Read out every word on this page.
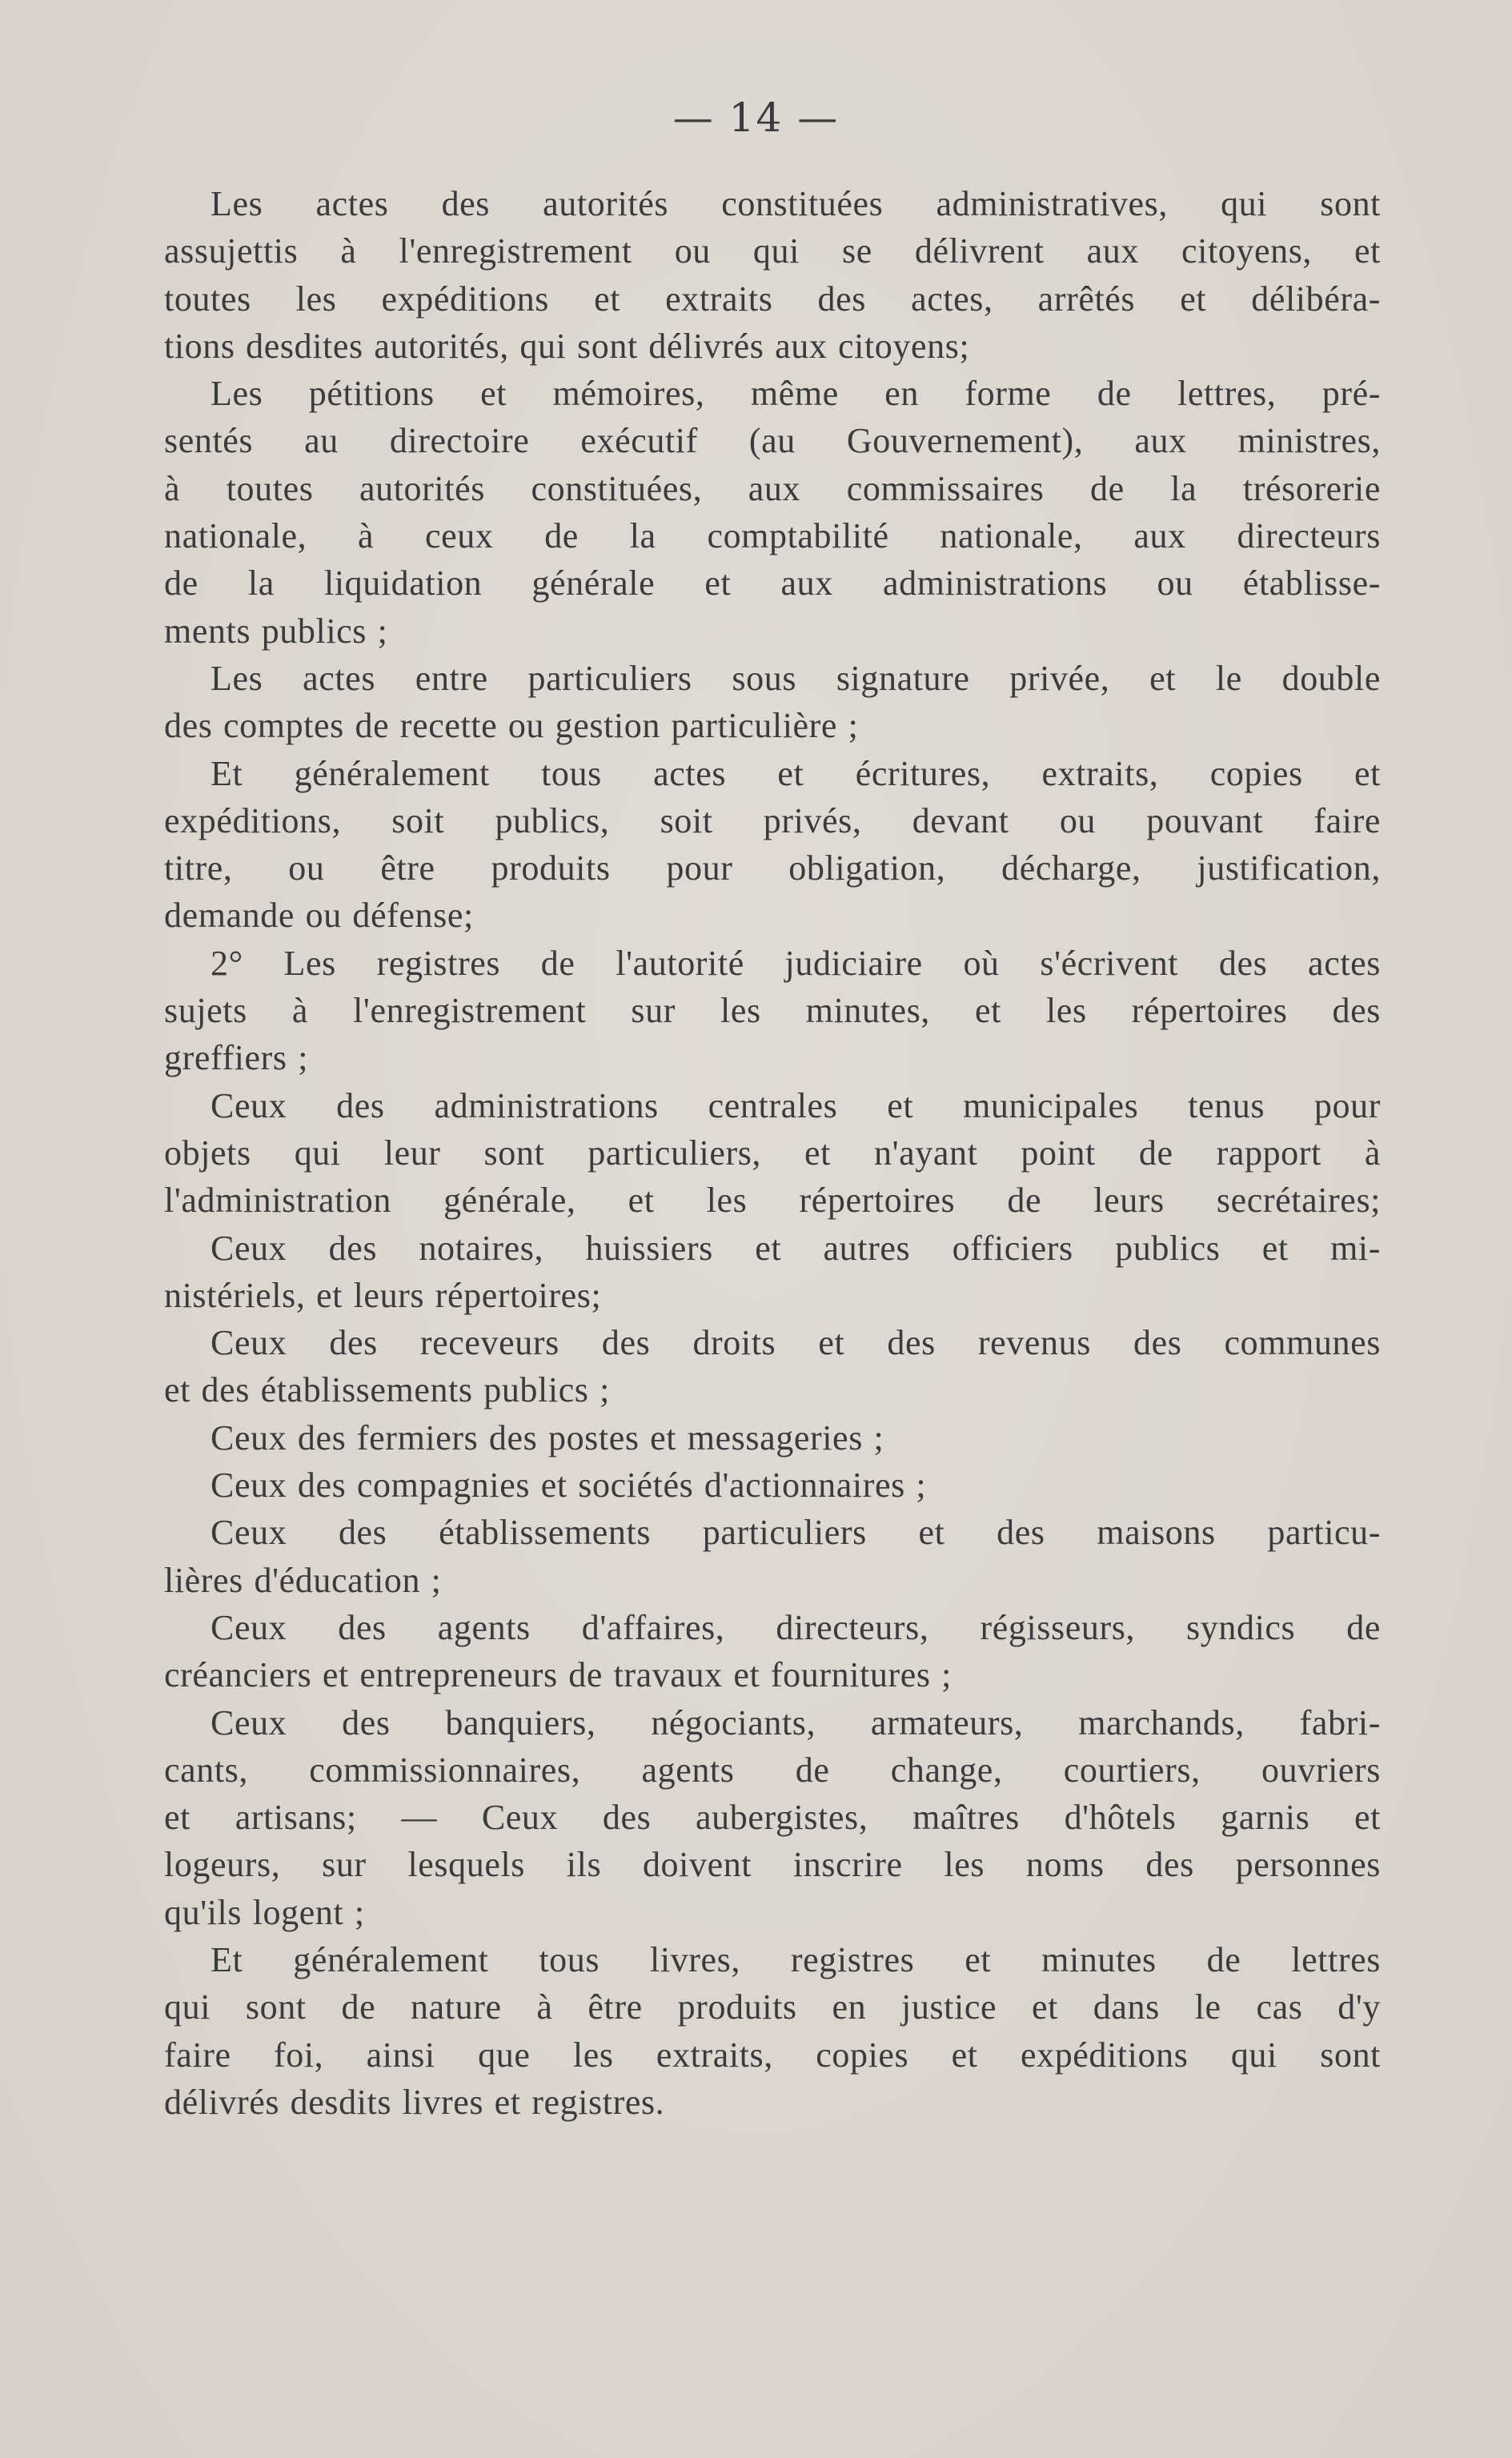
— 14 —
Les actes des autorités constituées administratives, qui sont
assujettis à l'enregistrement ou qui se délivrent aux citoyens, et
toutes les expéditions et extraits des actes, arrêtés et délibéra-
tions desdites autorités, qui sont délivrés aux citoyens;
Les pétitions et mémoires, même en forme de lettres, pré-
sentés au directoire exécutif (au Gouvernement), aux ministres,
à toutes autorités constituées, aux commissaires de la trésorerie
nationale, à ceux de la comptabilité nationale, aux directeurs
de la liquidation générale et aux administrations ou établisse-
ments publics ;
Les actes entre particuliers sous signature privée, et le double
des comptes de recette ou gestion particulière ;
Et généralement tous actes et écritures, extraits, copies et
expéditions, soit publics, soit privés, devant ou pouvant faire
titre, ou être produits pour obligation, décharge, justification,
demande ou défense;
2° Les registres de l'autorité judiciaire où s'écrivent des actes
sujets à l'enregistrement sur les minutes, et les répertoires des
greffiers ;
Ceux des administrations centrales et municipales tenus pour
objets qui leur sont particuliers, et n'ayant point de rapport à
l'administration générale, et les répertoires de leurs secrétaires;
Ceux des notaires, huissiers et autres officiers publics et mi-
nistériels, et leurs répertoires;
Ceux des receveurs des droits et des revenus des communes
et des établissements publics ;
Ceux des fermiers des postes et messageries ;
Ceux des compagnies et sociétés d'actionnaires ;
Ceux des établissements particuliers et des maisons particu-
lières d'éducation ;
Ceux des agents d'affaires, directeurs, régisseurs, syndics de
créanciers et entrepreneurs de travaux et fournitures ;
Ceux des banquiers, négociants, armateurs, marchands, fabri-
cants, commissionnaires, agents de change, courtiers, ouvriers
et artisans; — Ceux des aubergistes, maîtres d'hôtels garnis et
logeurs, sur lesquels ils doivent inscrire les noms des personnes
qu'ils logent ;
Et généralement tous livres, registres et minutes de lettres
qui sont de nature à être produits en justice et dans le cas d'y
faire foi, ainsi que les extraits, copies et expéditions qui sont
délivrés desdits livres et registres.
